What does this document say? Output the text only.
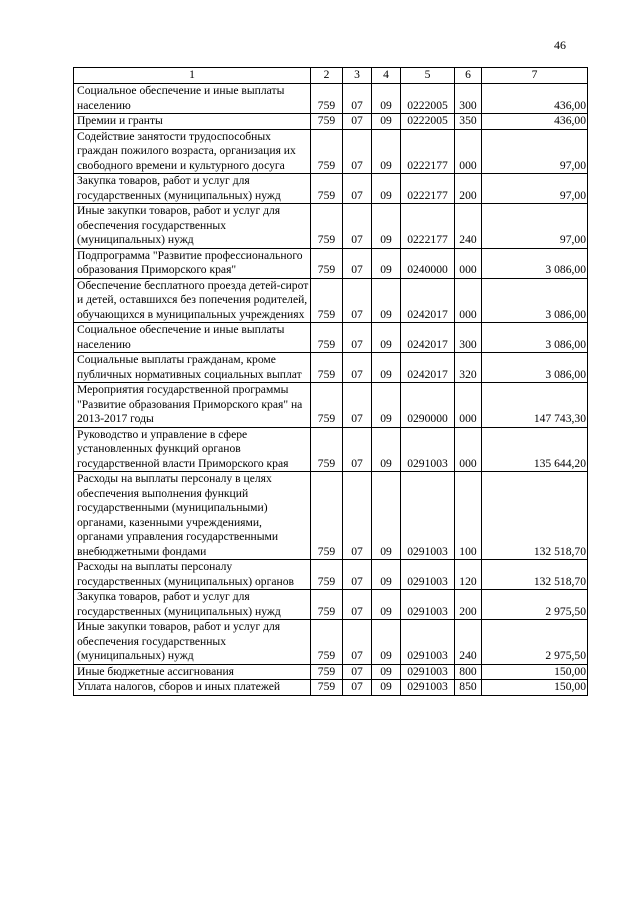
46
1	2	3	4	5	6	7
Социальное обеспечение и иные выплаты населению	759	07	09	0222005	300	436,00
Премии и гранты	759	07	09	0222005	350	436,00
Содействие занятости трудоспособных граждан пожилого возраста, организация их свободного времени и культурного досуга	759	07	09	0222177	000	97,00
Закупка товаров, работ и услуг для государственных (муниципальных) нужд	759	07	09	0222177	200	97,00
Иные закупки товаров, работ и услуг для обеспечения государственных (муниципальных) нужд	759	07	09	0222177	240	97,00
Подпрограмма "Развитие профессионального образования Приморского края"	759	07	09	0240000	000	3 086,00
Обеспечение бесплатного проезда детей-сирот и детей, оставшихся без попечения родителей, обучающихся в муниципальных учреждениях	759	07	09	0242017	000	3 086,00
Социальное обеспечение и иные выплаты населению	759	07	09	0242017	300	3 086,00
Социальные выплаты гражданам, кроме публичных нормативных социальных выплат	759	07	09	0242017	320	3 086,00
Мероприятия государственной программы "Развитие образования Приморского края" на 2013-2017 годы	759	07	09	0290000	000	147 743,30
Руководство и управление в сфере установленных функций органов государственной власти Приморского края	759	07	09	0291003	000	135 644,20
Расходы на выплаты персоналу в целях обеспечения выполнения функций государственными (муниципальными) органами, казенными учреждениями, органами управления государственными внебюджетными фондами	759	07	09	0291003	100	132 518,70
Расходы на выплаты персоналу государственных (муниципальных) органов	759	07	09	0291003	120	132 518,70
Закупка товаров, работ и услуг для государственных (муниципальных) нужд	759	07	09	0291003	200	2 975,50
Иные закупки товаров, работ и услуг для обеспечения государственных (муниципальных) нужд	759	07	09	0291003	240	2 975,50
Иные бюджетные ассигнования	759	07	09	0291003	800	150,00
Уплата налогов, сборов и иных платежей	759	07	09	0291003	850	150,00
